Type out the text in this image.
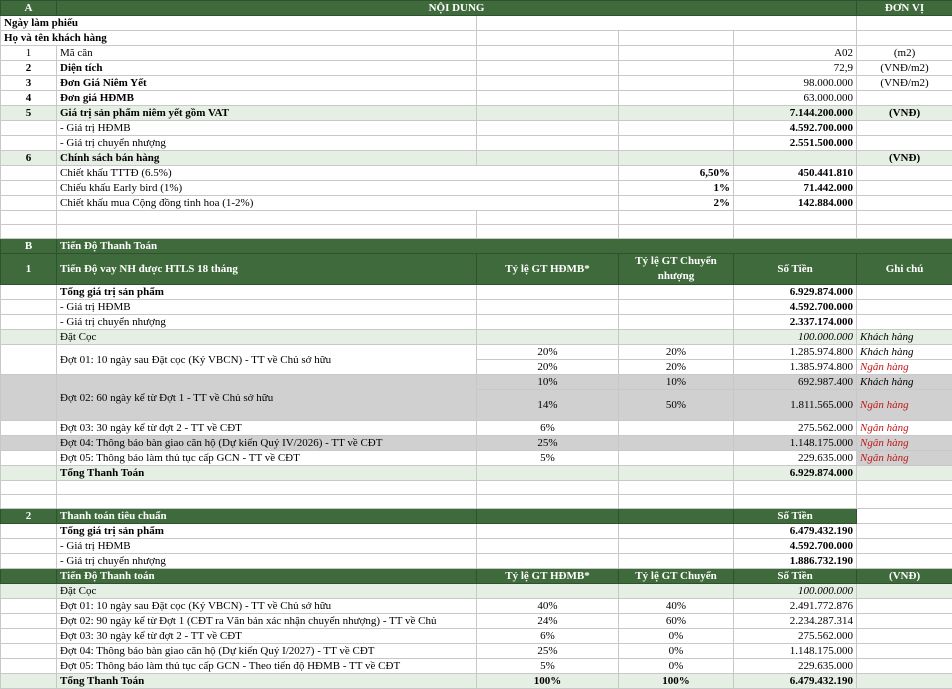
A	NỘI DUNG				ĐƠN VỊ
Ngày làm phiếu					
Họ và tên khách hàng					
1	Mã căn			A02	(m2)
2	Diện tích			72,9	(VNĐ/m2)
3	Đơn Giá Niêm Yết			98.000.000	(VNĐ/m2)
4	Đơn giá HĐMB			63.000.000	
5	Giá trị sản phẩm niêm yết gồm VAT			7.144.200.000	(VNĐ)
	- Giá trị HĐMB			4.592.700.000	
	- Giá trị chuyển nhượng			2.551.500.000	
6	Chính sách bán hàng				(VNĐ)
	Chiết khấu TTTĐ (6.5%)		6,50%	450.441.810	
	Chiếu khấu Early bird (1%)		1%	71.442.000	
	Chiết khấu mua Cộng đồng tinh hoa (1-2%)		2%	142.884.000	

B	Tiến Độ Thanh Toán				
1	Tiến Độ vay NH được HTLS 18 tháng	Tỷ lệ GT HĐMB*	Tỷ lệ GT Chuyển nhượng	Số Tiền	Ghi chú
	Tổng giá trị sản phẩm			6.929.874.000	
	- Giá trị HĐMB			4.592.700.000	
	- Giá trị chuyển nhượng			2.337.174.000	
	Đặt Cọc			100.000.000	Khách hàng
	Đợt 01: 10 ngày sau Đặt cọc (Ký VBCN) - TT về Chủ sở hữu	20%	20%	1.285.974.800	Khách hàng
		20%	20%	1.385.974.800	Ngân hàng
	Đợt 02: 60 ngày kể từ Đợt 1 - TT về Chủ sở hữu	10%	10%	692.987.400	Khách hàng
		14%	50%	1.811.565.000	Ngân hàng
	Đợt 03: 30 ngày kể từ đợt 2 - TT về CĐT	6%		275.562.000	Ngân hàng
	Đợt 04: Thông báo bàn giao căn hộ (Dự kiến Quý IV/2026) - TT về CĐT	25%		1.148.175.000	Ngân hàng
	Đợt 05: Thông báo làm thủ tục cấp GCN - TT về CĐT	5%		229.635.000	Ngân hàng
	Tổng Thanh Toán			6.929.874.000	

2	Thanh toán tiêu chuẩn			Số Tiền	
	Tổng giá trị sản phẩm			6.479.432.190	
	- Giá trị HĐMB			4.592.700.000	
	- Giá trị chuyển nhượng			1.886.732.190	
	Tiến Độ Thanh toán	Tỷ lệ GT HĐMB*	Tỷ lệ GT Chuyển	Số Tiền	(VNĐ)
	Đặt Cọc			100.000.000	
	Đợt 01: 10 ngày sau Đặt cọc (Ký VBCN) - TT về Chủ sở hữu	40%	40%	2.491.772.876	
	Đợt 02: 90 ngày kể từ Đợt 1 (CĐT ra Văn bản xác nhận chuyển nhượng) - TT về Chủ	24%	60%	2.234.287.314	
	Đợt 03: 30 ngày kể từ đợt 2 - TT về CĐT	6%	0%	275.562.000	
	Đợt 04: Thông báo bàn giao căn hộ (Dự kiến Quý I/2027) - TT về CĐT	25%	0%	1.148.175.000	
	Đợt 05: Thông báo làm thủ tục cấp GCN - Theo tiến độ HĐMB - TT về CĐT	5%	0%	229.635.000	
	Tổng Thanh Toán	100%	100%	6.479.432.190	
